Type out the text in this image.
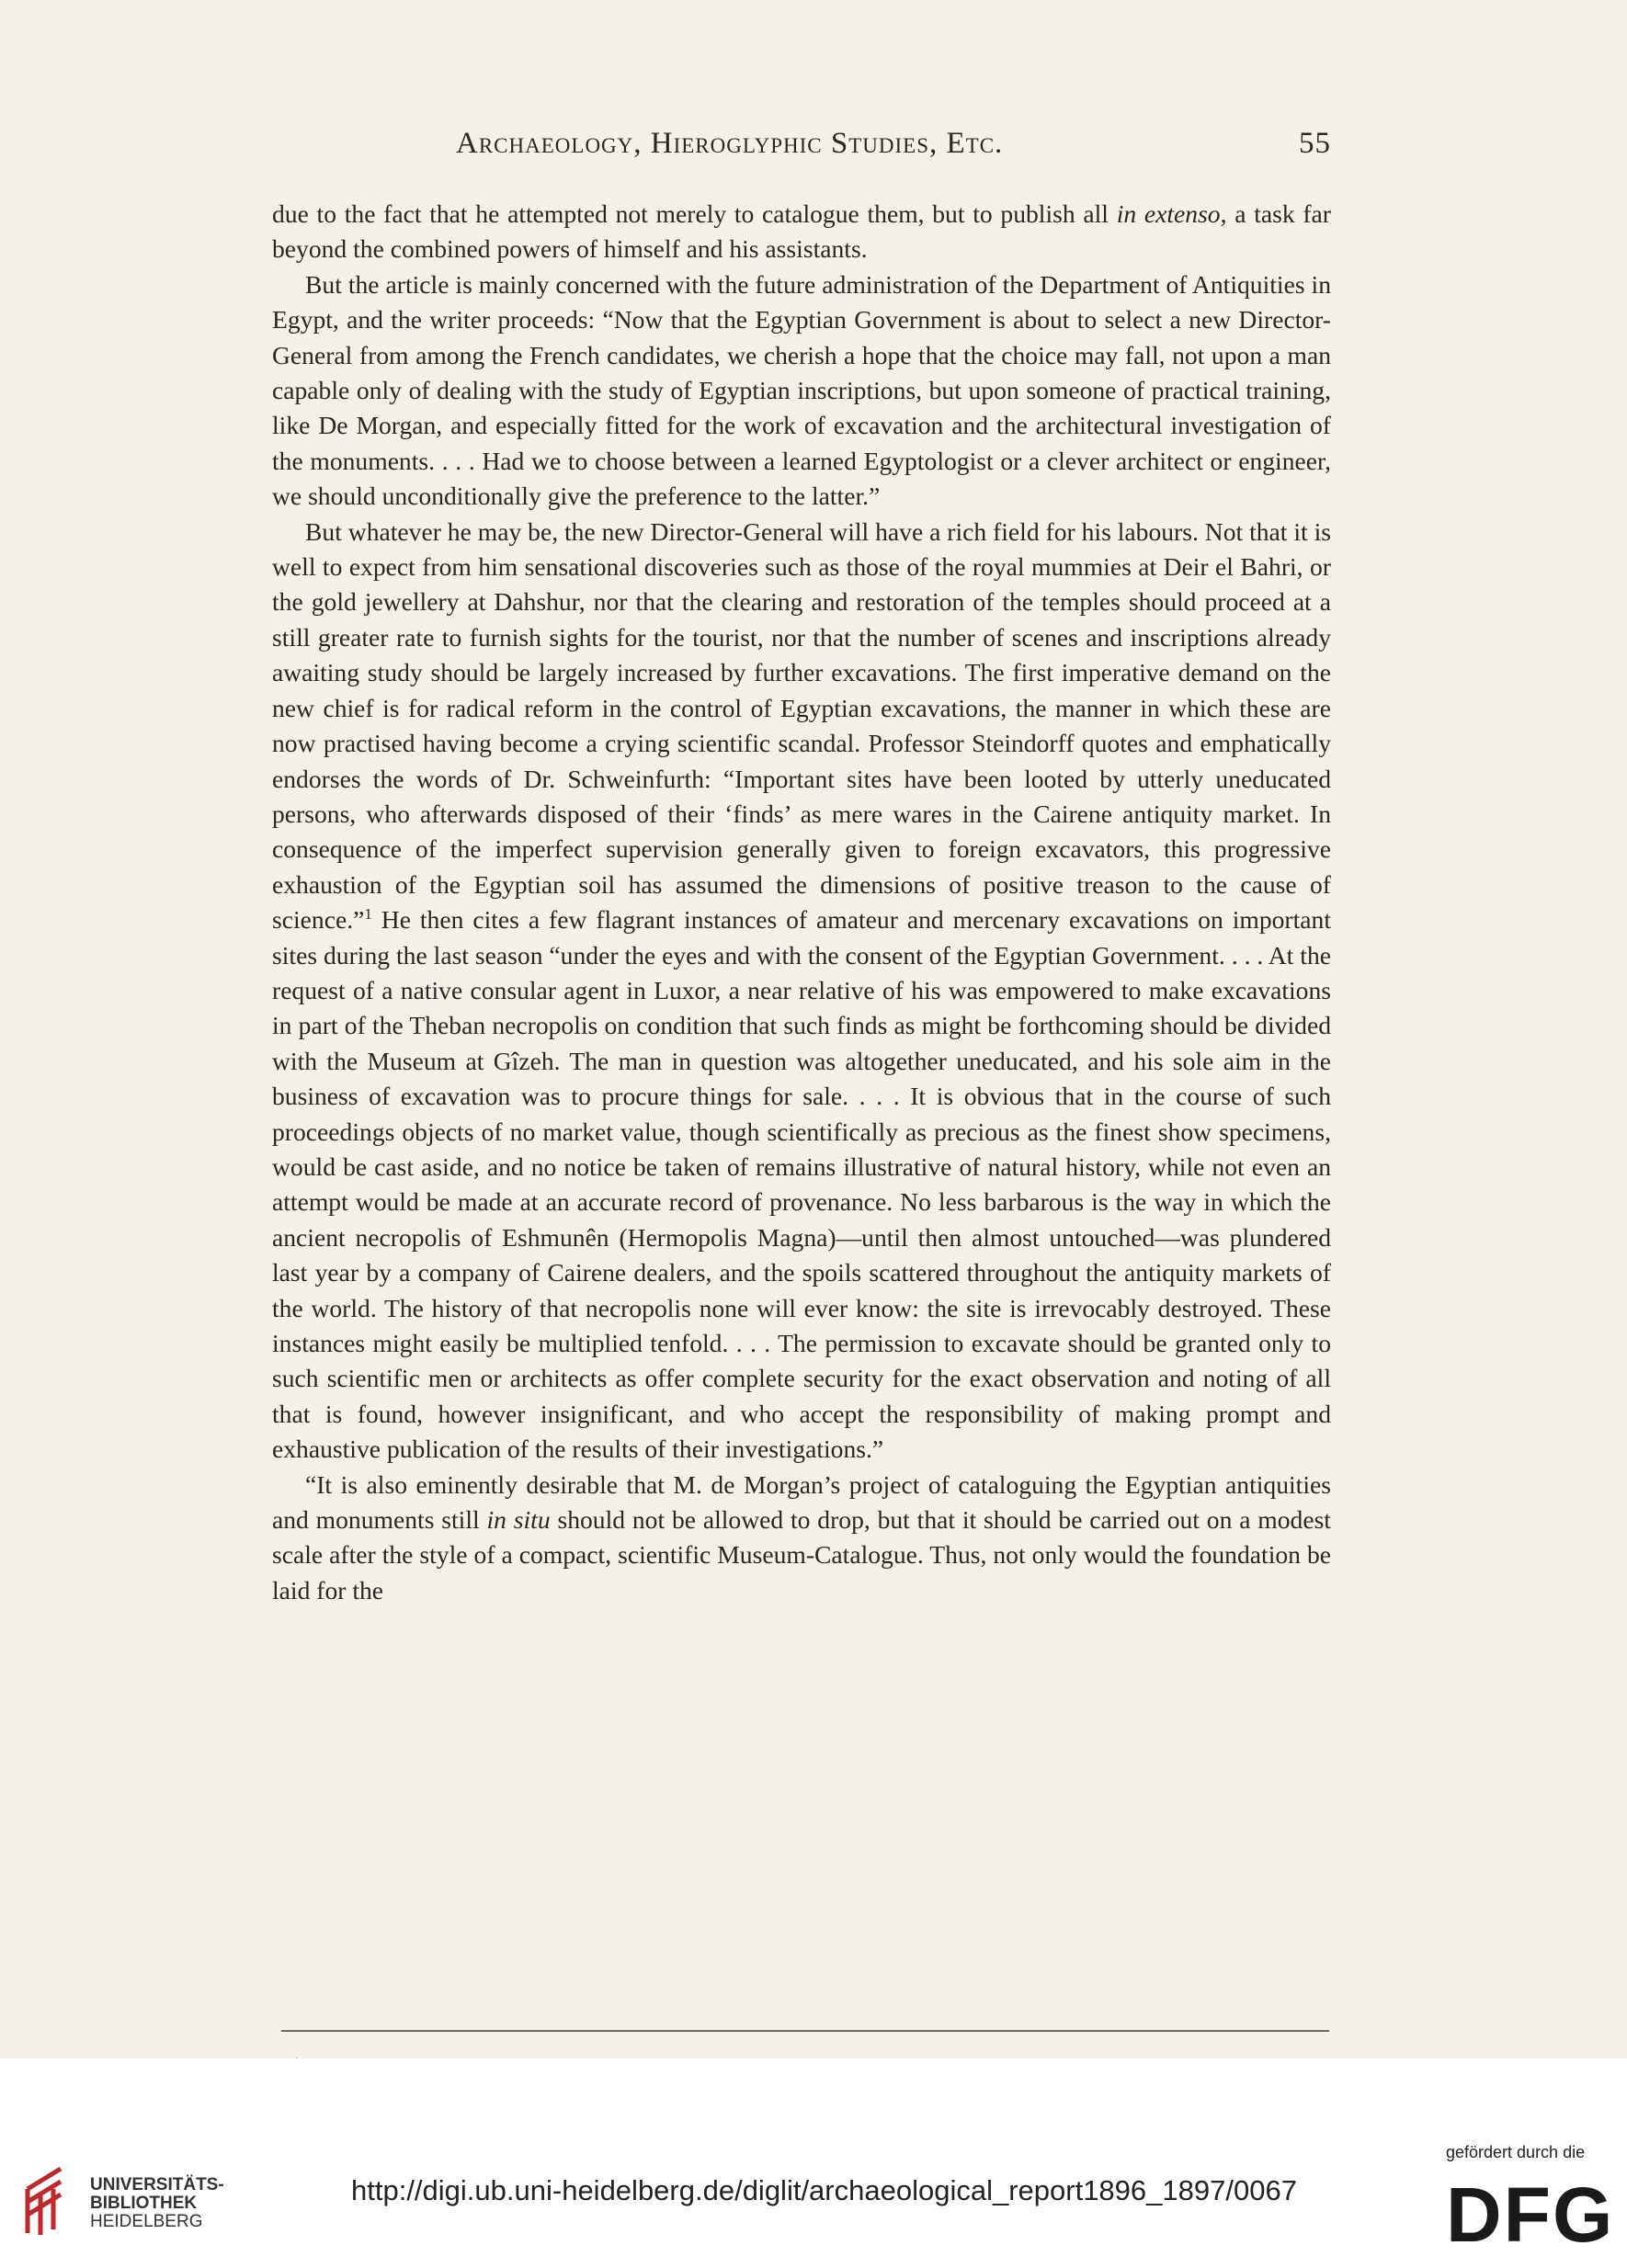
Archaeology, Hieroglyphic Studies, Etc.	55

due to the fact that he attempted not merely to catalogue them, but to publish all in extenso, a task far beyond the combined powers of himself and his assistants.

But the article is mainly concerned with the future administration of the Department of Antiquities in Egypt, and the writer proceeds: “Now that the Egyptian Government is about to select a new Director-General from among the French candidates, we cherish a hope that the choice may fall, not upon a man capable only of dealing with the study of Egyptian inscriptions, but upon someone of practical training, like De Morgan, and especially fitted for the work of excavation and the architectural investigation of the monuments. . . . Had we to choose between a learned Egyptologist or a clever architect or engineer, we should unconditionally give the preference to the latter.”

But whatever he may be, the new Director-General will have a rich field for his labours. Not that it is well to expect from him sensational discoveries such as those of the royal mummies at Deir el Bahri, or the gold jewellery at Dahshur, nor that the clearing and restoration of the temples should proceed at a still greater rate to furnish sights for the tourist, nor that the number of scenes and inscriptions already awaiting study should be largely increased by further excavations. The first imperative demand on the new chief is for radical reform in the control of Egyptian excavations, the manner in which these are now practised having become a crying scientific scandal. Professor Steindorff quotes and emphatically endorses the words of Dr. Schweinfurth: “Important sites have been looted by utterly uneducated persons, who afterwards disposed of their ‘finds’ as mere wares in the Cairene antiquity market. In consequence of the imperfect supervision generally given to foreign excavators, this progressive exhaustion of the Egyptian soil has assumed the dimensions of positive treason to the cause of science.”$^1$ He then cites a few flagrant instances of amateur and mercenary excavations on important sites during the last season “under the eyes and with the consent of the Egyptian Government. . . . At the request of a native consular agent in Luxor, a near relative of his was empowered to make excavations in part of the Theban necropolis on condition that such finds as might be forthcoming should be divided with the Museum at Gîzeh. The man in question was altogether uneducated, and his sole aim in the business of excavation was to procure things for sale. . . . It is obvious that in the course of such proceedings objects of no market value, though scientifically as precious as the finest show specimens, would be cast aside, and no notice be taken of remains illustrative of natural history, while not even an attempt would be made at an accurate record of provenance. No less barbarous is the way in which the ancient necropolis of Eshmunên (Hermopolis Magna)—until then almost untouched—was plundered last year by a company of Cairene dealers, and the spoils scattered throughout the antiquity markets of the world. The history of that necropolis none will ever know: the site is irrevocably destroyed. These instances might easily be multiplied tenfold. . . . The permission to excavate should be granted only to such scientific men or architects as offer complete security for the exact observation and noting of all that is found, however insignificant, and who accept the responsibility of making prompt and exhaustive publication of the results of their investigations.”

“It is also eminently desirable that M. de Morgan’s project of cataloguing the Egyptian antiquities and monuments still in situ should not be allowed to drop, but that it should be carried out on a modest scale after the style of a compact, scientific Museum-Catalogue. Thus, not only would the foundation be laid for the

UNIVERSITÄTS-
BIBLIOTHEK
HEIDELBERG
http://digi.ub.uni-heidelberg.de/diglit/archaeological_report1896_1897/0067
gefördert durch die
DFG
